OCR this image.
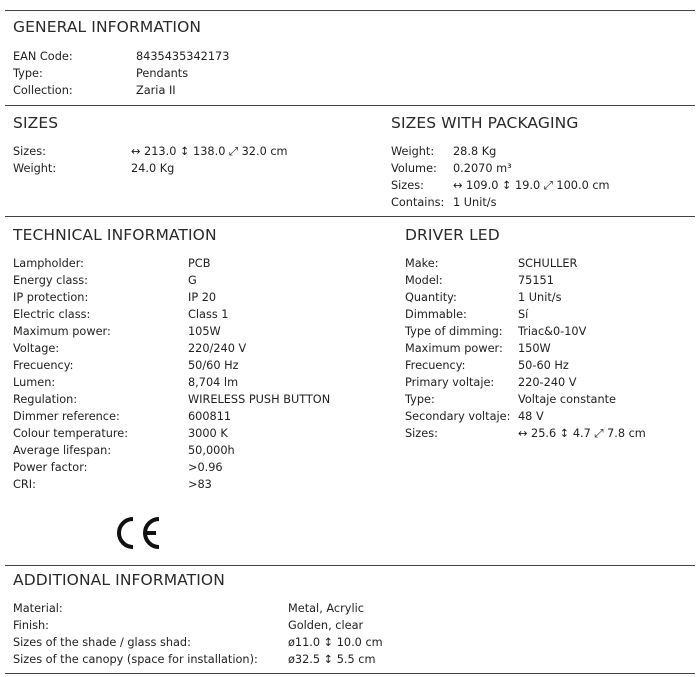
GENERAL INFORMATION
EAN Code:	8435435342173
Type:	Pendants
Collection:	Zaria II
SIZES
Sizes:	↔ 213.0 ↕ 138.0 ⤢ 32.0 cm
Weight:	24.0 Kg
SIZES WITH PACKAGING
Weight: 28.8 Kg
Volume: 0.2070 m³
Sizes:	↔ 109.0 ↕ 19.0 ⤢ 100.0 cm
Contains: 1 Unit/s
TECHNICAL INFORMATION
Lampholder:	PCB
Energy class:	G
IP protection:	IP 20
Electric class:	Class 1
Maximum power:	105W
Voltage:	220/240 V
Frecuency:	50/60 Hz
Lumen:	8,704 lm
Regulation:	WIRELESS PUSH BUTTON
Dimmer reference:	600811
Colour temperature:	3000 K
Average lifespan:	50,000h
Power factor:	>0.96
CRI:	>83
DRIVER LED
Make:	SCHULLER
Model:	75151
Quantity:	1 Unit/s
Dimmable:	Sí
Type of dimming: Triac&0-10V
Maximum power: 150W
Frecuency:	50-60 Hz
Primary voltaje: 220-240 V
Type:	Voltaje constante
Secondary voltaje: 48 V
Sizes:	↔ 25.6 ↕ 4.7 ⤢ 7.8 cm
ADDITIONAL INFORMATION
Material:	Metal, Acrylic
Finish:	Golden, clear
Sizes of the shade / glass shad:	ø11.0 ↕ 10.0 cm
Sizes of the canopy (space for installation):	ø32.5 ↕ 5.5 cm
